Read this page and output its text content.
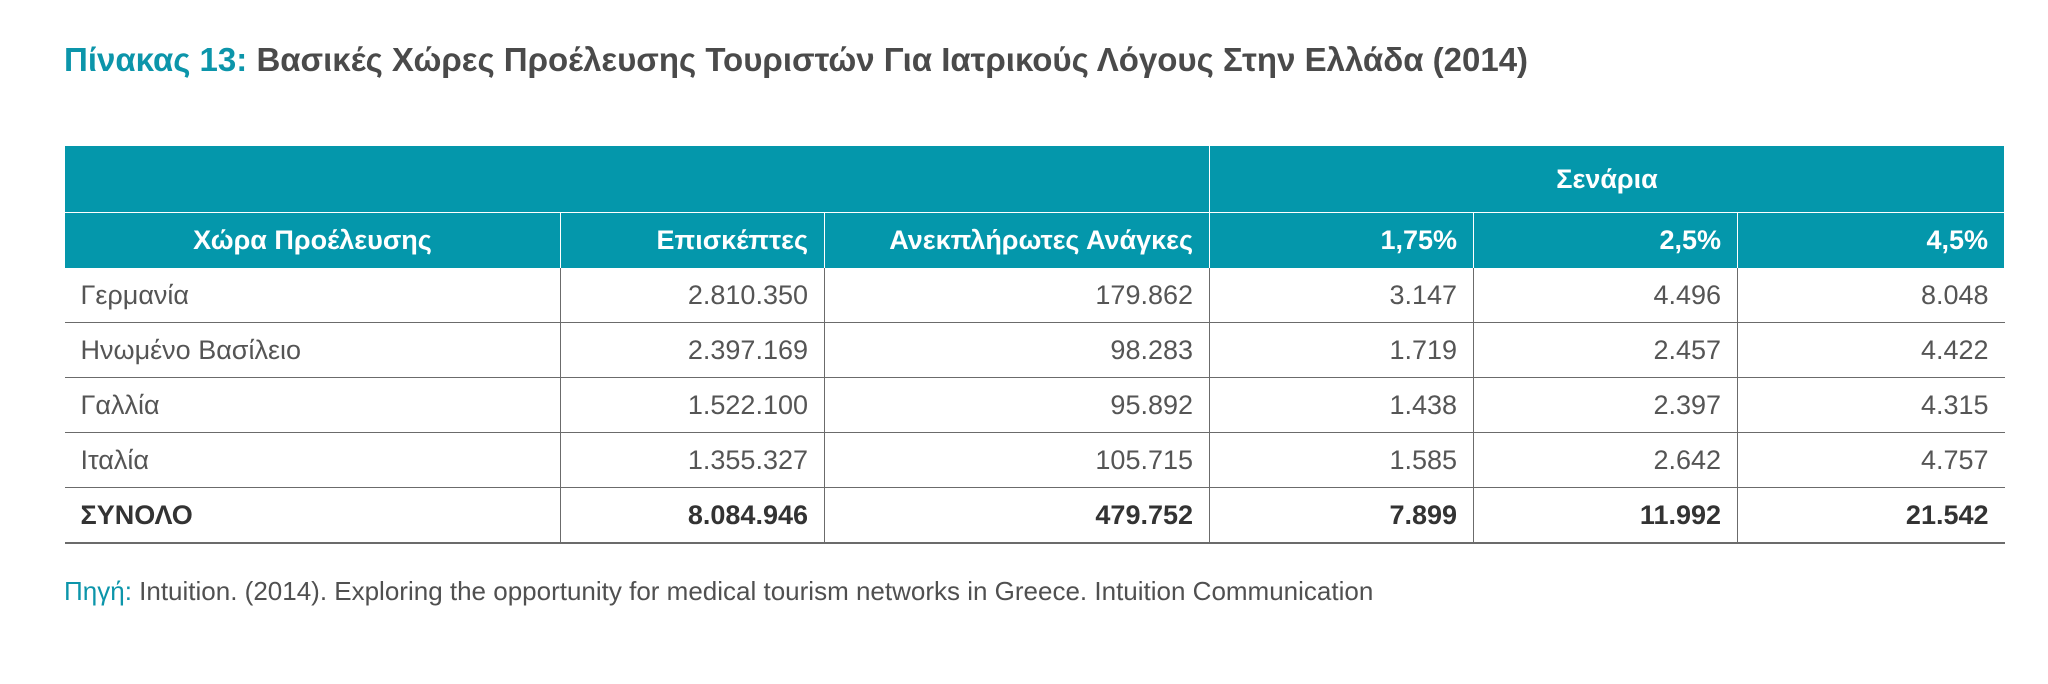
Πίνακας 13: Βασικές Χώρες Προέλευσης Τουριστών Για Ιατρικούς Λόγους Στην Ελλάδα (2014)
			Σενάρια		
Χώρα Προέλευσης	Επισκέπτες	Ανεκπλήρωτες Ανάγκες	1,75%	2,5%	4,5%
Γερμανία	2.810.350	179.862	3.147	4.496	8.048
Ηνωμένο Βασίλειο	2.397.169	98.283	1.719	2.457	4.422
Γαλλία	1.522.100	95.892	1.438	2.397	4.315
Ιταλία	1.355.327	105.715	1.585	2.642	4.757
ΣΥΝΟΛΟ	8.084.946	479.752	7.899	11.992	21.542
Πηγή: Intuition. (2014). Exploring the opportunity for medical tourism networks in Greece. Intuition Communication
